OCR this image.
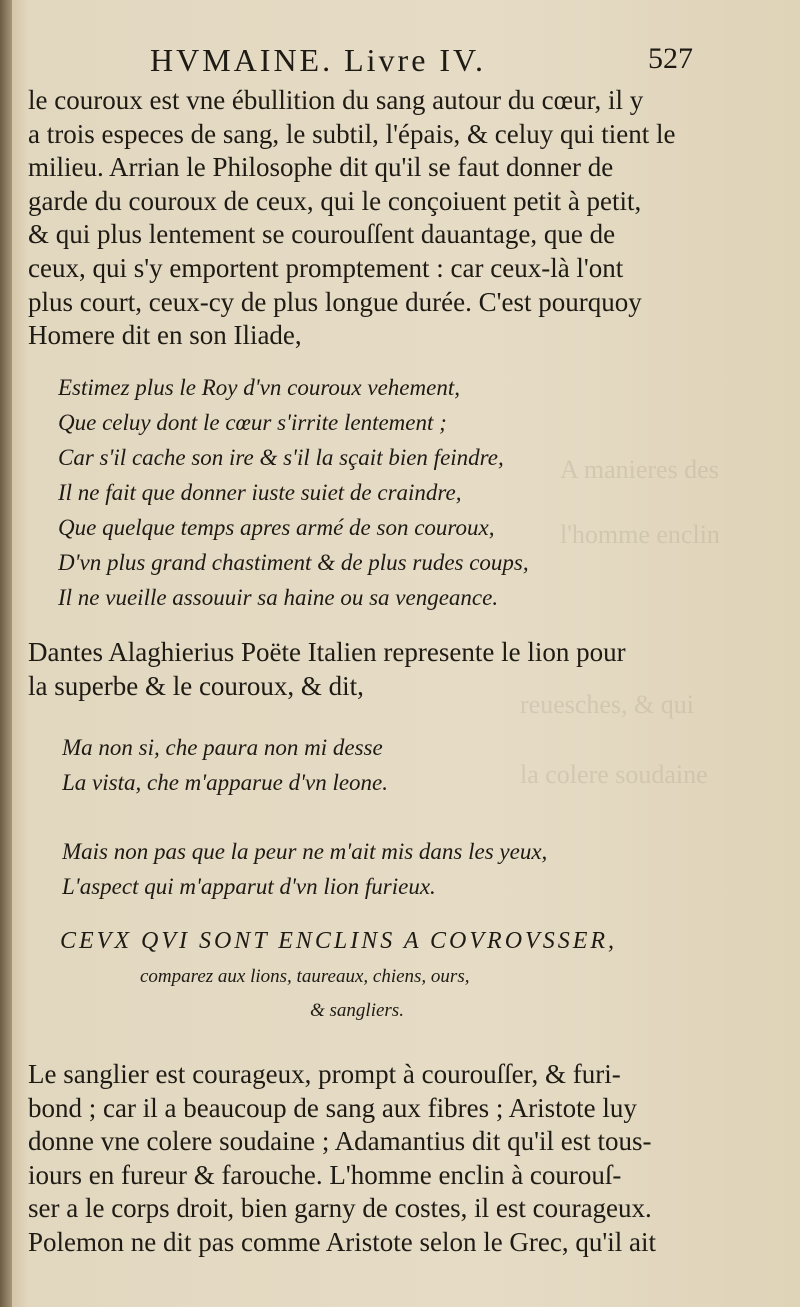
A manieres des
l'homme enclin
reuesches, & qui
la colere soudaine
HVMAINE. Livre IV.	527
le couroux est vne ébullition du sang autour du cœur, il y
a trois especes de sang, le subtil, l'épais, & celuy qui tient le
milieu. Arrian le Philosophe dit qu'il se faut donner de
garde du couroux de ceux, qui le conçoiuent petit à petit,
& qui plus lentement se courouſſent dauantage, que de
ceux, qui s'y emportent promptement : car ceux-là l'ont
plus court, ceux-cy de plus longue durée. C'est pourquoy
Homere dit en son Iliade,
Estimez plus le Roy d'vn couroux vehement,
Que celuy dont le cœur s'irrite lentement ;
Car s'il cache son ire & s'il la sçait bien feindre,
Il ne fait que donner iuste suiet de craindre,
Que quelque temps apres armé de son couroux,
D'vn plus grand chastiment & de plus rudes coups,
Il ne vueille assouuir sa haine ou sa vengeance.
Dantes Alaghierius Poëte Italien represente le lion pour
la superbe & le couroux, & dit,
Ma non si, che paura non mi desse
La vista, che m'apparue d'vn leone.
Mais non pas que la peur ne m'ait mis dans les yeux,
L'aspect qui m'apparut d'vn lion furieux.
CEVX QVI SONT ENCLINS A COVROVSSER,
comparez aux lions, taureaux, chiens, ours,
& sangliers.
Le sanglier est courageux, prompt à courouſſer, & furi-
bond ; car il a beaucoup de sang aux fibres ; Aristote luy
donne vne colere soudaine ; Adamantius dit qu'il est tous-
iours en fureur & farouche. L'homme enclin à courouſ-
ser a le corps droit, bien garny de costes, il est courageux.
Polemon ne dit pas comme Aristote selon le Grec, qu'il ait
